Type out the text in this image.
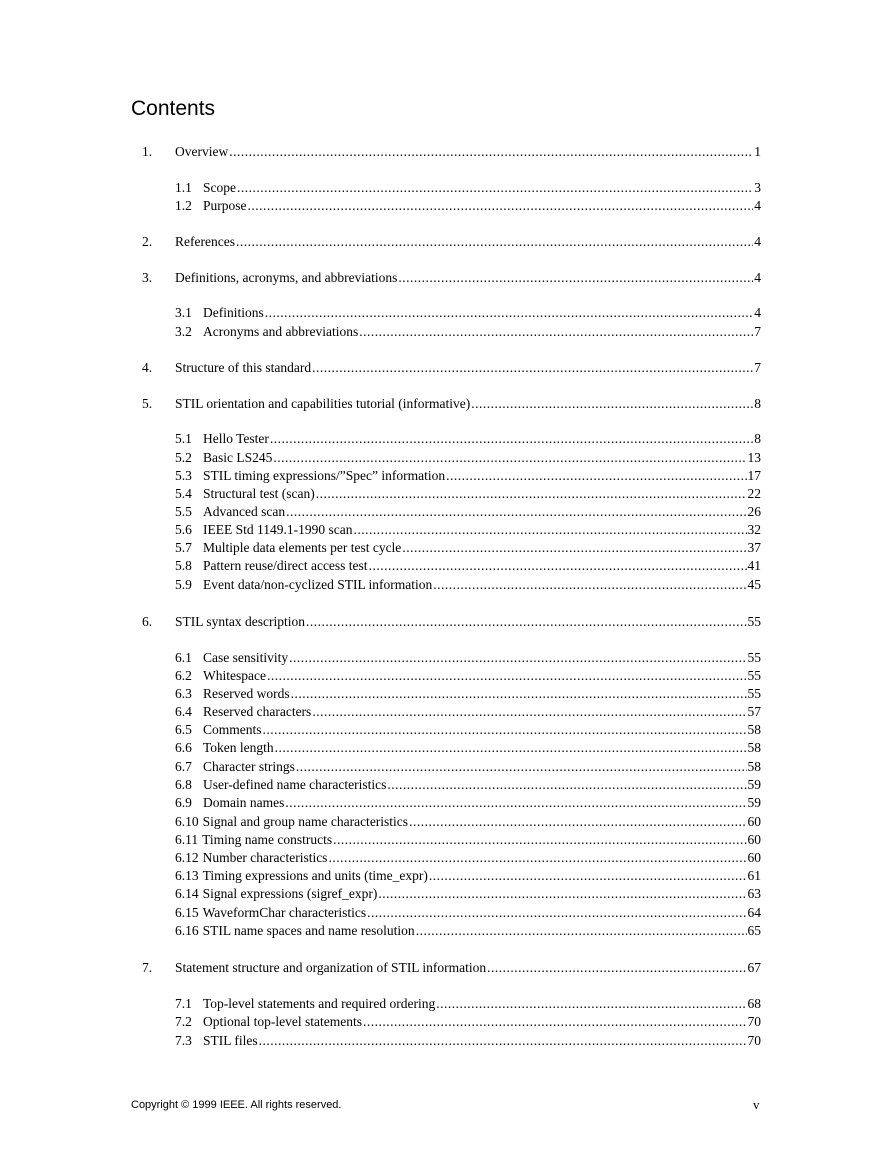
Contents
1. Overview .....	1
1.1 Scope .....	3
1.2 Purpose .....	4
2. References .....	4
3. Definitions, acronyms, and abbreviations .....	4
3.1 Definitions .....	4
3.2 Acronyms and abbreviations .....	7
4. Structure of this standard .....	7
5. STIL orientation and capabilities tutorial (informative) .....	8
5.1 Hello Tester .....	8
5.2 Basic LS245 .....	13
5.3 STIL timing expressions/”Spec” information .....	17
5.4 Structural test (scan) .....	22
5.5 Advanced scan .....	26
5.6 IEEE Std 1149.1-1990 scan .....	32
5.7 Multiple data elements per test cycle .....	37
5.8 Pattern reuse/direct access test .....	41
5.9 Event data/non-cyclized STIL information .....	45
6. STIL syntax description .....	55
6.1 Case sensitivity .....	55
6.2 Whitespace .....	55
6.3 Reserved words .....	55
6.4 Reserved characters .....	57
6.5 Comments .....	58
6.6 Token length .....	58
6.7 Character strings .....	58
6.8 User-defined name characteristics .....	59
6.9 Domain names .....	59
6.10 Signal and group name characteristics .....	60
6.11 Timing name constructs .....	60
6.12 Number characteristics .....	60
6.13 Timing expressions and units (time_expr) .....	61
6.14 Signal expressions (sigref_expr) .....	63
6.15 WaveformChar characteristics .....	64
6.16 STIL name spaces and name resolution .....	65
7. Statement structure and organization of STIL information .....	67
7.1 Top-level statements and required ordering .....	68
7.2 Optional top-level statements .....	70
7.3 STIL files .....	70
Copyright © 1999 IEEE. All rights reserved.	v
